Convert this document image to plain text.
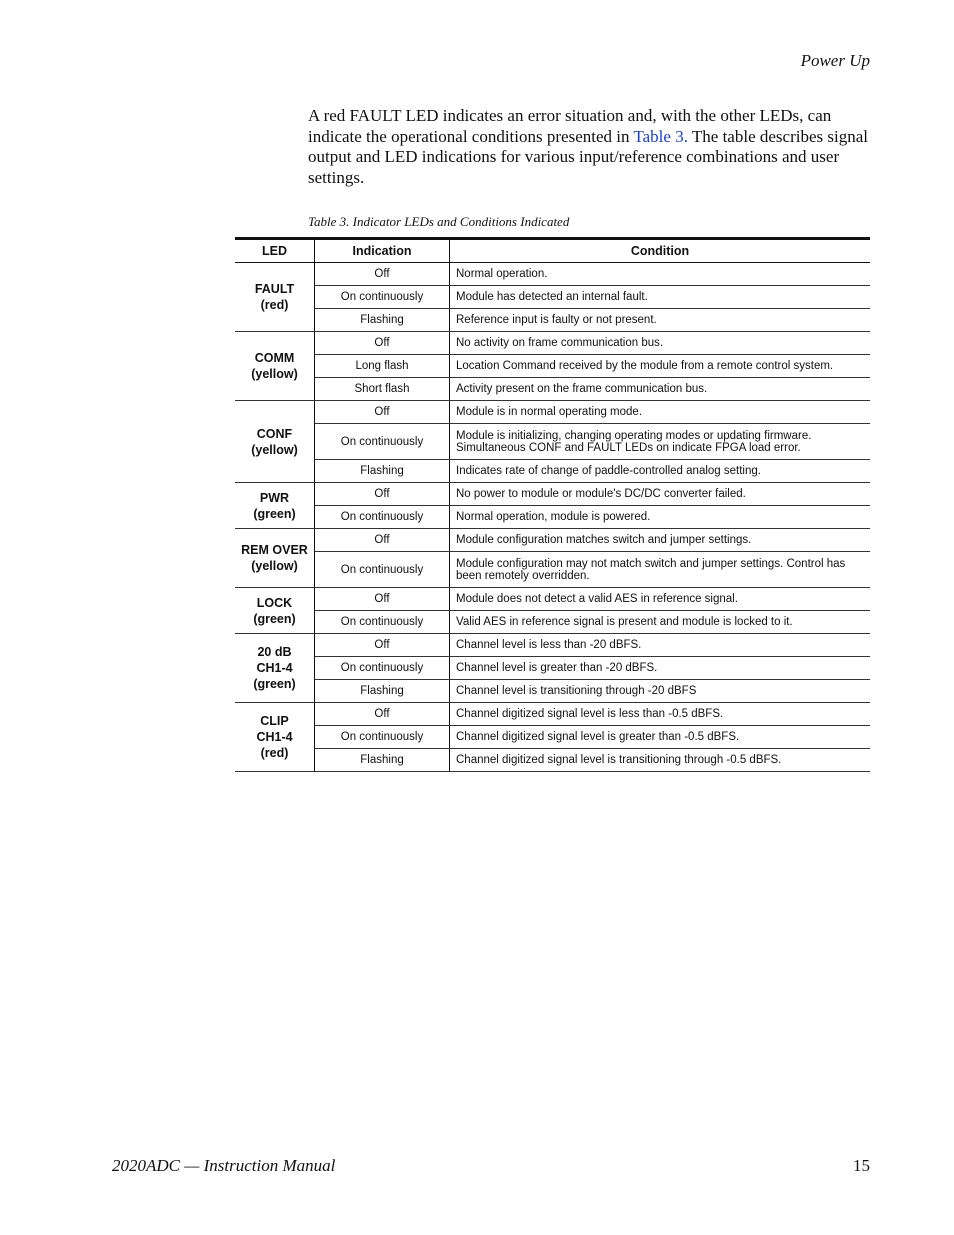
Power Up

A red FAULT LED indicates an error situation and, with the other LEDs, can indicate the operational conditions presented in Table 3. The table describes signal output and LED indications for various input/reference combinations and user settings.

Table 3. Indicator LEDs and Conditions Indicated
LED	Indication	Condition

FAULT
(red)	Off	Normal operation.
	On continuously	Module has detected an internal fault.
	Flashing	Reference input is faulty or not present.

COMM
(yellow)	Off	No activity on frame communication bus.
	Long flash	Location Command received by the module from a remote control system.
	Short flash	Activity present on the frame communication bus.

CONF
(yellow)	Off	Module is in normal operating mode.
	On continuously	Module is initializing, changing operating modes or updating firmware. Simultaneous CONF and FAULT LEDs on indicate FPGA load error.
	Flashing	Indicates rate of change of paddle-controlled analog setting.

PWR
(green)	Off	No power to module or module's DC/DC converter failed.
	On continuously	Normal operation, module is powered.

REM OVER
(yellow)	Off	Module configuration matches switch and jumper settings.
	On continuously	Module configuration may not match switch and jumper settings. Control has been remotely overridden.

LOCK
(green)	Off	Module does not detect a valid AES in reference signal.
	On continuously	Valid AES in reference signal is present and module is locked to it.

20 dB
CH1-4
(green)	Off	Channel level is less than -20 dBFS.
	On continuously	Channel level is greater than -20 dBFS.
	Flashing	Channel level is transitioning through -20 dBFS

CLIP
CH1-4
(red)	Off	Channel digitized signal level is less than -0.5 dBFS.
	On continuously	Channel digitized signal level is greater than -0.5 dBFS.
	Flashing	Channel digitized signal level is transitioning through -0.5 dBFS.
2020ADC — Instruction Manual	15
